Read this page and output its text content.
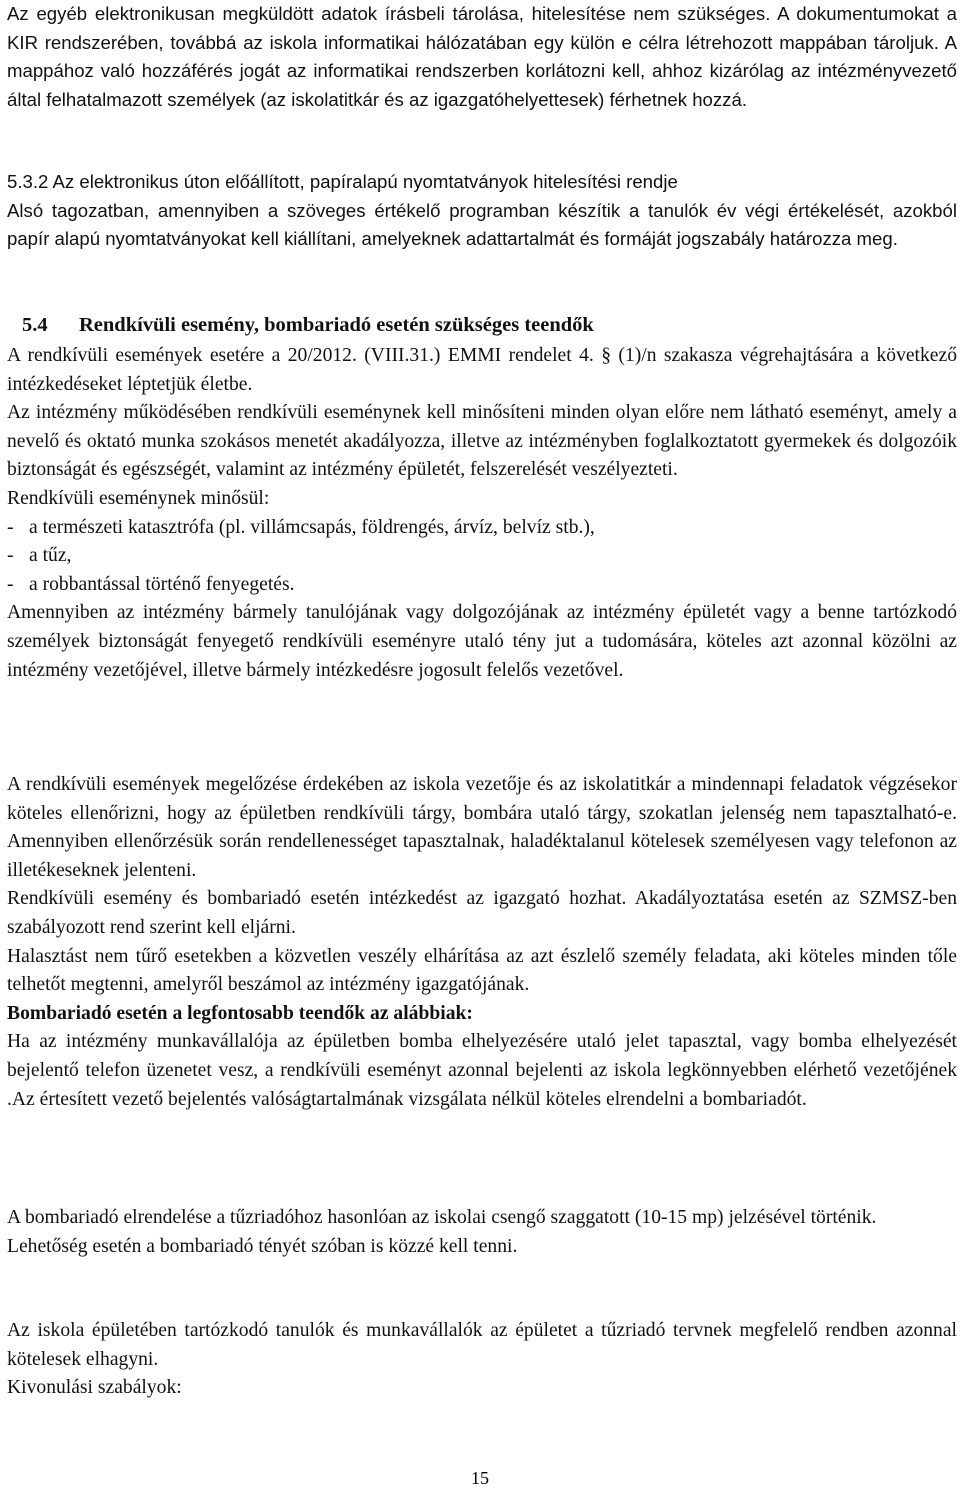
Az egyéb elektronikusan megküldött adatok írásbeli tárolása, hitelesítése nem szükséges. A dokumentumokat a KIR rendszerében, továbbá az iskola informatikai hálózatában egy külön e célra létrehozott mappában tároljuk. A mappához való hozzáférés jogát az informatikai rendszerben korlátozni kell, ahhoz kizárólag az intézményvezető által felhatalmazott személyek (az iskolatitkár és az igazgatóhelyettesek) férhetnek hozzá.

5.3.2 Az elektronikus úton előállított, papíralapú nyomtatványok hitelesítési rendje

Alsó tagozatban, amennyiben a szöveges értékelő programban készítik a tanulók év végi értékelését, azokból papír alapú nyomtatványokat kell kiállítani, amelyeknek adattartalmát és formáját jogszabály határozza meg.

5.4 Rendkívüli esemény, bombariadó esetén szükséges teendők

A rendkívüli események esetére a 20/2012. (VIII.31.) EMMI rendelet 4. § (1)/n szakasza végrehajtására a következő intézkedéseket léptetjük életbe.

Az intézmény működésében rendkívüli eseménynek kell minősíteni minden olyan előre nem látható eseményt, amely a nevelő és oktató munka szokásos menetét akadályozza, illetve az intézményben foglalkoztatott gyermekek és dolgozóik biztonságát és egészségét, valamint az intézmény épületét, felszerelését veszélyezteti.

Rendkívüli eseménynek minősül:

- a természeti katasztrófa (pl. villámcsapás, földrengés, árvíz, belvíz stb.),
- a tűz,
- a robbantással történő fenyegetés.

Amennyiben az intézmény bármely tanulójának vagy dolgozójának az intézmény épületét vagy a benne tartózkodó személyek biztonságát fenyegető rendkívüli eseményre utaló tény jut a tudomására, köteles azt azonnal közölni az intézmény vezetőjével, illetve bármely intézkedésre jogosult felelős vezetővel.

A rendkívüli események megelőzése érdekében az iskola vezetője és az iskolatitkár a mindennapi feladatok végzésekor köteles ellenőrizni, hogy az épületben rendkívüli tárgy, bombára utaló tárgy, szokatlan jelenség nem tapasztalható-e. Amennyiben ellenőrzésük során rendellenességet tapasztalnak, haladéktalanul kötelesek személyesen vagy telefonon az illetékeseknek jelenteni.

Rendkívüli esemény és bombariadó esetén intézkedést az igazgató hozhat. Akadályoztatása esetén az SZMSZ-ben szabályozott rend szerint kell eljárni.

Halasztást nem tűrő esetekben a közvetlen veszély elhárítása az azt észlelő személy feladata, aki köteles minden tőle telhetőt megtenni, amelyről beszámol az intézmény igazgatójának.

Bombariadó esetén a legfontosabb teendők az alábbiak:

Ha az intézmény munkavállalója az épületben bomba elhelyezésére utaló jelet tapasztal, vagy bomba elhelyezését bejelentő telefon üzenetet vesz, a rendkívüli eseményt azonnal bejelenti az iskola legkönnyebben elérhető vezetőjének .Az értesített vezető bejelentés valóságtartalmának vizsgálata nélkül köteles elrendelni a bombariadót.

A bombariadó elrendelése a tűzriadóhoz hasonlóan az iskolai csengő szaggatott (10-15 mp) jelzésével történik.

Lehetőség esetén a bombariadó tényét szóban is közzé kell tenni.

Az iskola épületében tartózkodó tanulók és munkavállalók az épületet a tűzriadó tervnek megfelelő rendben azonnal kötelesek elhagyni.

Kivonulási szabályok:

15
